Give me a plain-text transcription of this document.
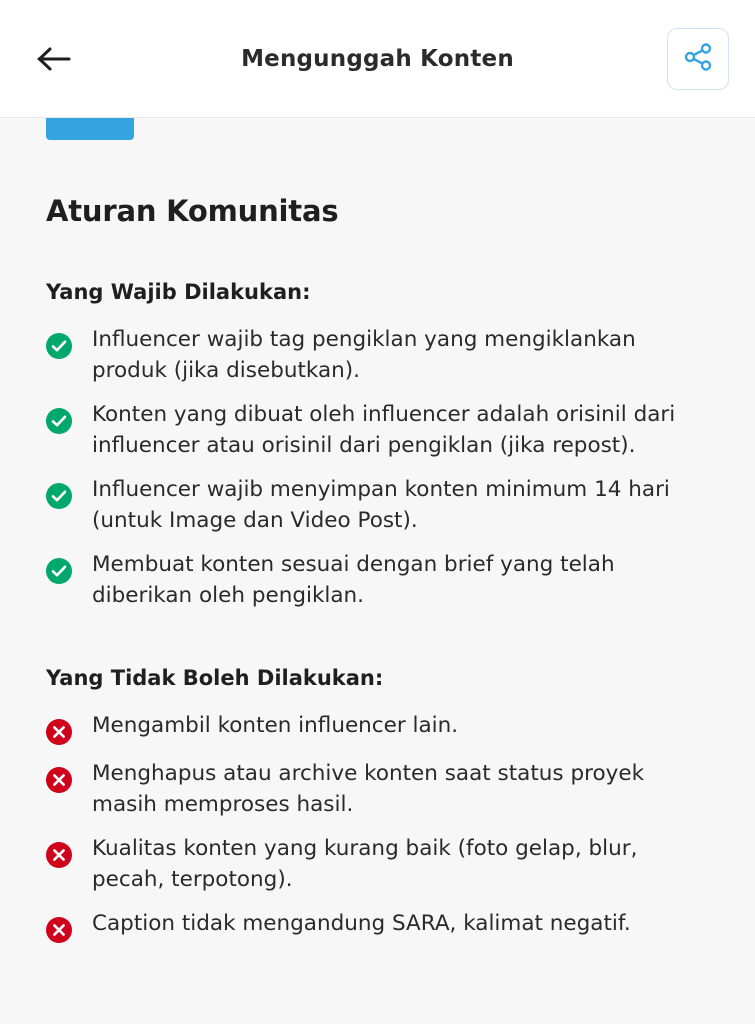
Mengunggah Konten
Aturan Komunitas
Yang Wajib Dilakukan:
Influencer wajib tag pengiklan yang mengiklankan produk (jika disebutkan).
Konten yang dibuat oleh influencer adalah orisinil dari influencer atau orisinil dari pengiklan (jika repost).
Influencer wajib menyimpan konten minimum 14 hari (untuk Image dan Video Post).
Membuat konten sesuai dengan brief yang telah diberikan oleh pengiklan.
Yang Tidak Boleh Dilakukan:
Mengambil konten influencer lain.
Menghapus atau archive konten saat status proyek masih memproses hasil.
Kualitas konten yang kurang baik (foto gelap, blur, pecah, terpotong).
Caption tidak mengandung SARA, kalimat negatif.
